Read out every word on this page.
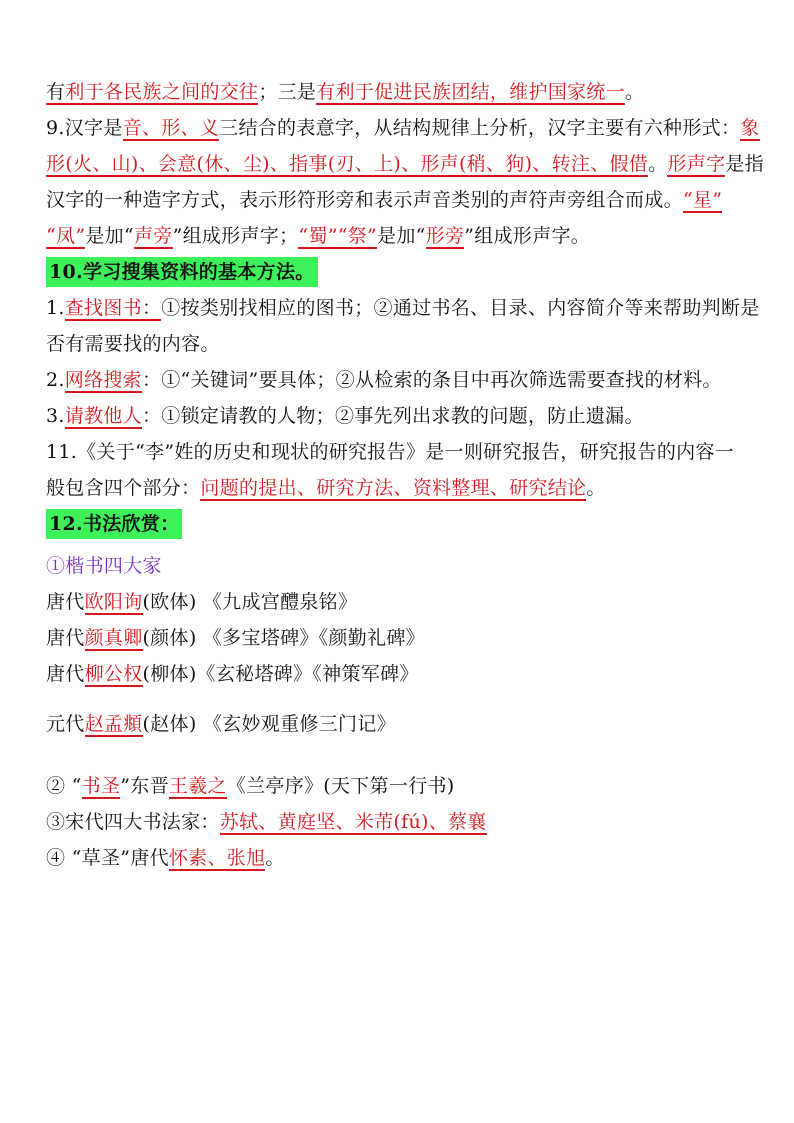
有利于各民族之间的交往；三是有利于促进民族团结，维护国家统一。
9.汉字是音、形、义三结合的表意字，从结构规律上分析，汉字主要有六种形式：象
形(火、山)、会意(休、尘)、指事(刃、上)、形声(稍、狗)、转注、假借。形声字是指
汉字的一种造字方式，表示形符形旁和表示声音类别的声符声旁组合而成。“星”
“凤”是加“声旁”组成形声字；“蜀”“祭”是加“形旁”组成形声字。
10.学习搜集资料的基本方法。
1.查找图书：①按类别找相应的图书；②通过书名、目录、内容简介等来帮助判断是
否有需要找的内容。
2.网络搜索：①“关键词”要具体；②从检索的条目中再次筛选需要查找的材料。
3.请教他人：①锁定请教的人物；②事先列出求教的问题，防止遗漏。
11.《关于“李”姓的历史和现状的研究报告》是一则研究报告，研究报告的内容一
般包含四个部分：问题的提出、研究方法、资料整理、研究结论。
12.书法欣赏：
①楷书四大家
唐代欧阳询(欧体) 《九成宫醴泉铭》
唐代颜真卿(颜体) 《多宝塔碑》《颜勤礼碑》
唐代柳公权(柳体)《玄秘塔碑》《神策军碑》
元代赵孟頫(赵体) 《玄妙观重修三门记》
② “书圣”东晋王羲之《兰亭序》(天下第一行书)
③宋代四大书法家：苏轼、黄庭坚、米芾(fú)、蔡襄
④ “草圣”唐代怀素、张旭。
